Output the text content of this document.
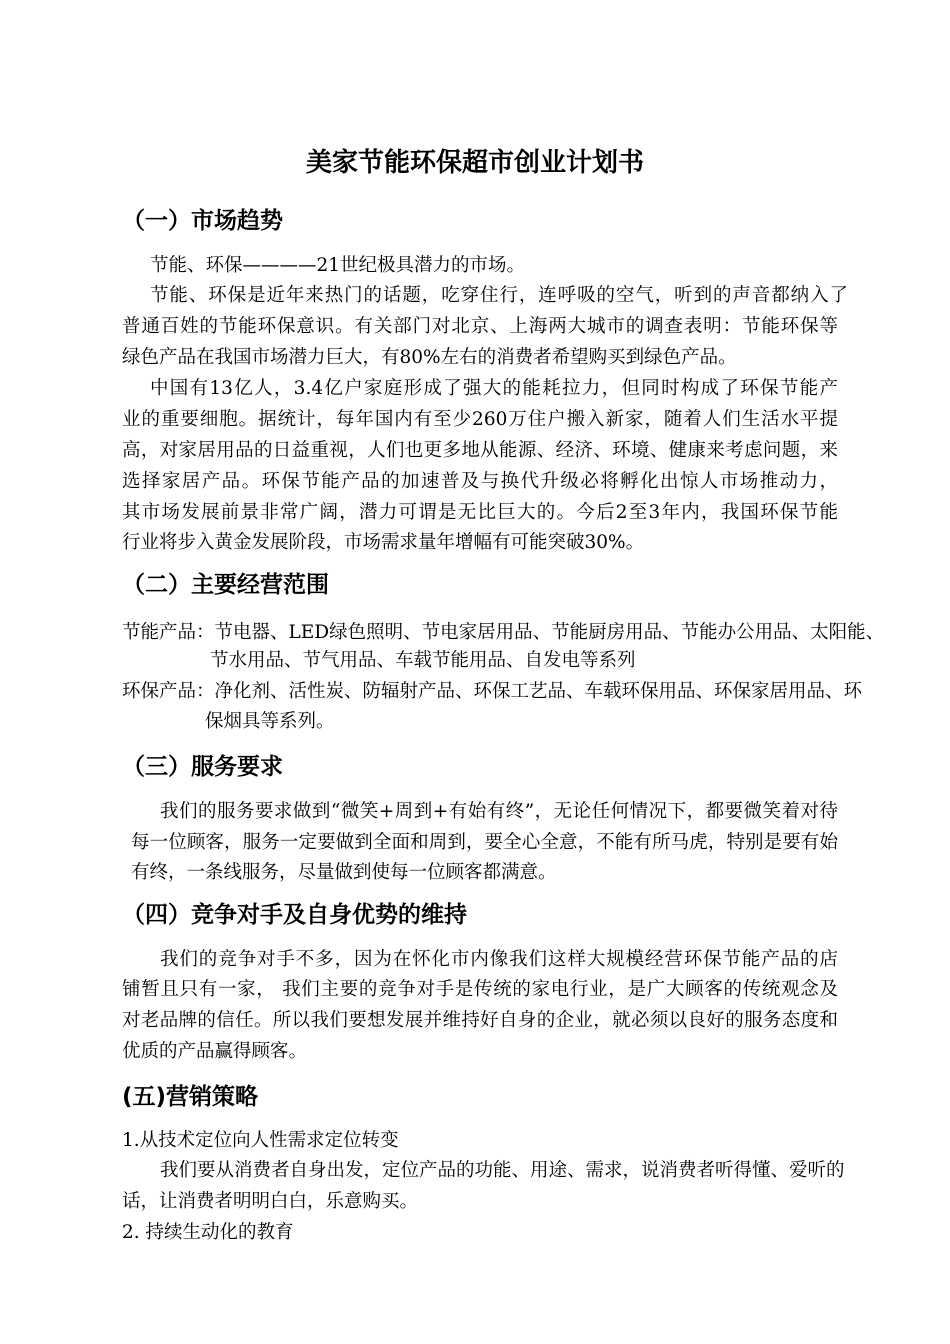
美家节能环保超市创业计划书
（一）市场趋势
节能、环保————21世纪极具潜力的市场。
节能、环保是近年来热门的话题，吃穿住行，连呼吸的空气，听到的声音都纳入了
普通百姓的节能环保意识。有关部门对北京、上海两大城市的调查表明：节能环保等
绿色产品在我国市场潜力巨大，有80%左右的消费者希望购买到绿色产品。
中国有13亿人，3.4亿户家庭形成了强大的能耗拉力，但同时构成了环保节能产
业的重要细胞。据统计，每年国内有至少260万住户搬入新家，随着人们生活水平提
高，对家居用品的日益重视，人们也更多地从能源、经济、环境、健康来考虑问题，来
选择家居产品。环保节能产品的加速普及与换代升级必将孵化出惊人市场推动力，
其市场发展前景非常广阔，潜力可谓是无比巨大的。今后2至3年内，我国环保节能
行业将步入黄金发展阶段，市场需求量年增幅有可能突破30%。
（二）主要经营范围
节能产品：节电器、LED绿色照明、节电家居用品、节能厨房用品、节能办公用品、太阳能、
节水用品、节气用品、车载节能用品、自发电等系列
环保产品：净化剂、活性炭、防辐射产品、环保工艺品、车载环保用品、环保家居用品、环
保烟具等系列。
（三）服务要求
我们的服务要求做到“微笑+周到+有始有终”，无论任何情况下，都要微笑着对待
每一位顾客，服务一定要做到全面和周到，要全心全意，不能有所马虎，特别是要有始
有终，一条线服务，尽量做到使每一位顾客都满意。
（四）竞争对手及自身优势的维持
我们的竞争对手不多，因为在怀化市内像我们这样大规模经营环保节能产品的店
铺暂且只有一家， 我们主要的竞争对手是传统的家电行业，是广大顾客的传统观念及
对老品牌的信任。所以我们要想发展并维持好自身的企业，就必须以良好的服务态度和
优质的产品赢得顾客。
(五)营销策略
1.从技术定位向人性需求定位转变
我们要从消费者自身出发，定位产品的功能、用途、需求，说消费者听得懂、爱听的
话，让消费者明明白白，乐意购买。
2. 持续生动化的教育
